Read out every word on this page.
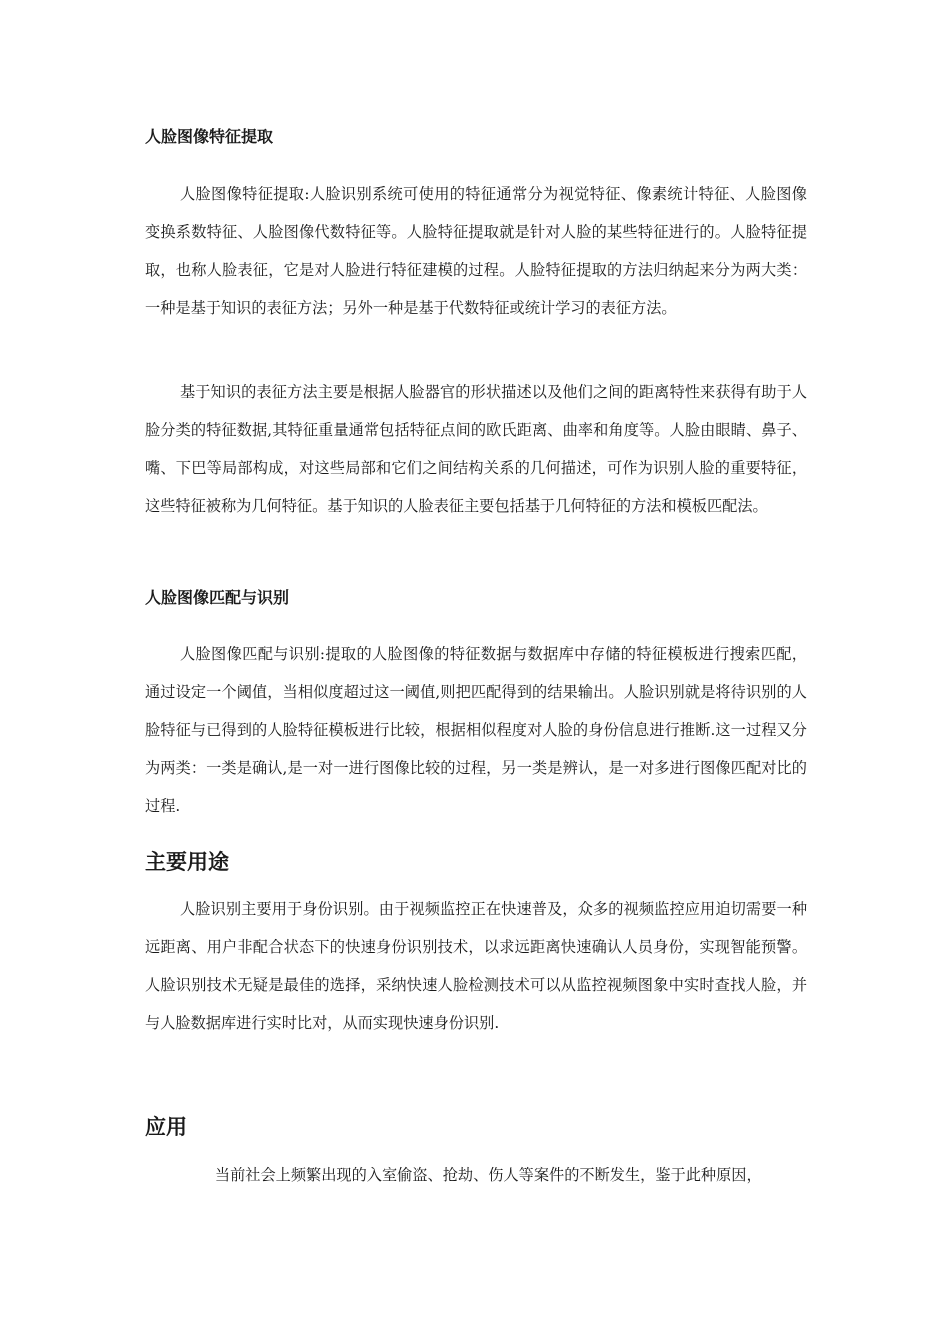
人脸图像特征提取

人脸图像特征提取:人脸识别系统可使用的特征通常分为视觉特征、像素统计特征、人脸图像变换系数特征、人脸图像代数特征等。人脸特征提取就是针对人脸的某些特征进行的。人脸特征提取，也称人脸表征，它是对人脸进行特征建模的过程。人脸特征提取的方法归纳起来分为两大类：一种是基于知识的表征方法；另外一种是基于代数特征或统计学习的表征方法。

基于知识的表征方法主要是根据人脸器官的形状描述以及他们之间的距离特性来获得有助于人脸分类的特征数据,其特征重量通常包括特征点间的欧氏距离、曲率和角度等。人脸由眼睛、鼻子、嘴、下巴等局部构成，对这些局部和它们之间结构关系的几何描述，可作为识别人脸的重要特征，这些特征被称为几何特征。基于知识的人脸表征主要包括基于几何特征的方法和模板匹配法。

人脸图像匹配与识别

人脸图像匹配与识别:提取的人脸图像的特征数据与数据库中存储的特征模板进行搜索匹配，通过设定一个阈值，当相似度超过这一阈值,则把匹配得到的结果输出。人脸识别就是将待识别的人脸特征与已得到的人脸特征模板进行比较，根据相似程度对人脸的身份信息进行推断.这一过程又分为两类：一类是确认,是一对一进行图像比较的过程，另一类是辨认，是一对多进行图像匹配对比的过程.

主要用途

人脸识别主要用于身份识别。由于视频监控正在快速普及，众多的视频监控应用迫切需要一种远距离、用户非配合状态下的快速身份识别技术，以求远距离快速确认人员身份，实现智能预警。人脸识别技术无疑是最佳的选择，采纳快速人脸检测技术可以从监控视频图象中实时查找人脸，并与人脸数据库进行实时比对，从而实现快速身份识别.

应用

当前社会上频繁出现的入室偷盗、抢劫、伤人等案件的不断发生，鉴于此种原因，
